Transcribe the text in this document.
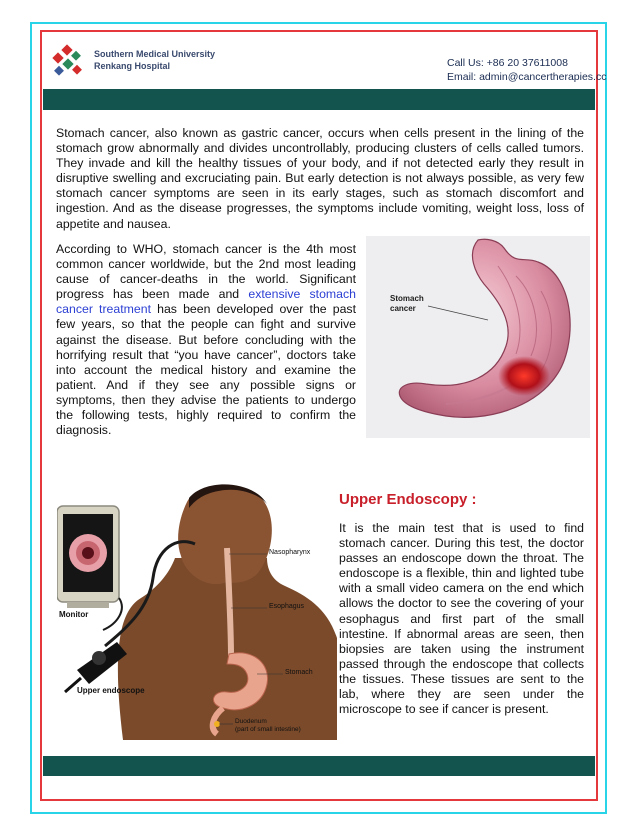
Southern Medical University
Renkang Hospital	Call Us: +86 20 37611008
Email: admin@cancertherapies.cc

Stomach cancer, also known as gastric cancer, occurs when cells present in the lining of the stomach grow abnormally and divides uncontrollably, producing clusters of cells called tumors. They invade and kill the healthy tissues of your body, and if not detected early they result in disruptive swelling and excruciating pain. But early detection is not always possible, as very few stomach cancer symptoms are seen in its early stages, such as stomach discomfort and ingestion. And as the disease progresses, the symptoms include vomiting, weight loss, loss of appetite and nausea.

According to WHO, stomach cancer is the 4th most common cancer worldwide, but the 2nd most leading cause of cancer-deaths in the world. Significant progress has been made and extensive stomach cancer treatment has been developed over the past few years, so that the people can fight and survive against the disease. But before concluding with the horrifying result that “you have cancer”, doctors take into account the medical history and examine the patient. And if they see any possible signs or symptoms, then they advise the patients to undergo the following tests, highly required to confirm the diagnosis.

Stomach
cancer
Monitor
Upper endoscope
Nasopharynx
Esophagus
Stomach
Duodenum
(part of small intestine)
Upper Endoscopy :

It is the main test that is used to find stomach cancer. During this test, the doctor passes an endoscope down the throat. The endoscope is a flexible, thin and lighted tube with a small video camera on the end which allows the doctor to see the covering of your esophagus and first part of the small intestine. If abnormal areas are seen, then biopsies are taken using the instrument passed through the endoscope that collects the tissues. These tissues are sent to the lab, where they are seen under the microscope to see if cancer is present.
